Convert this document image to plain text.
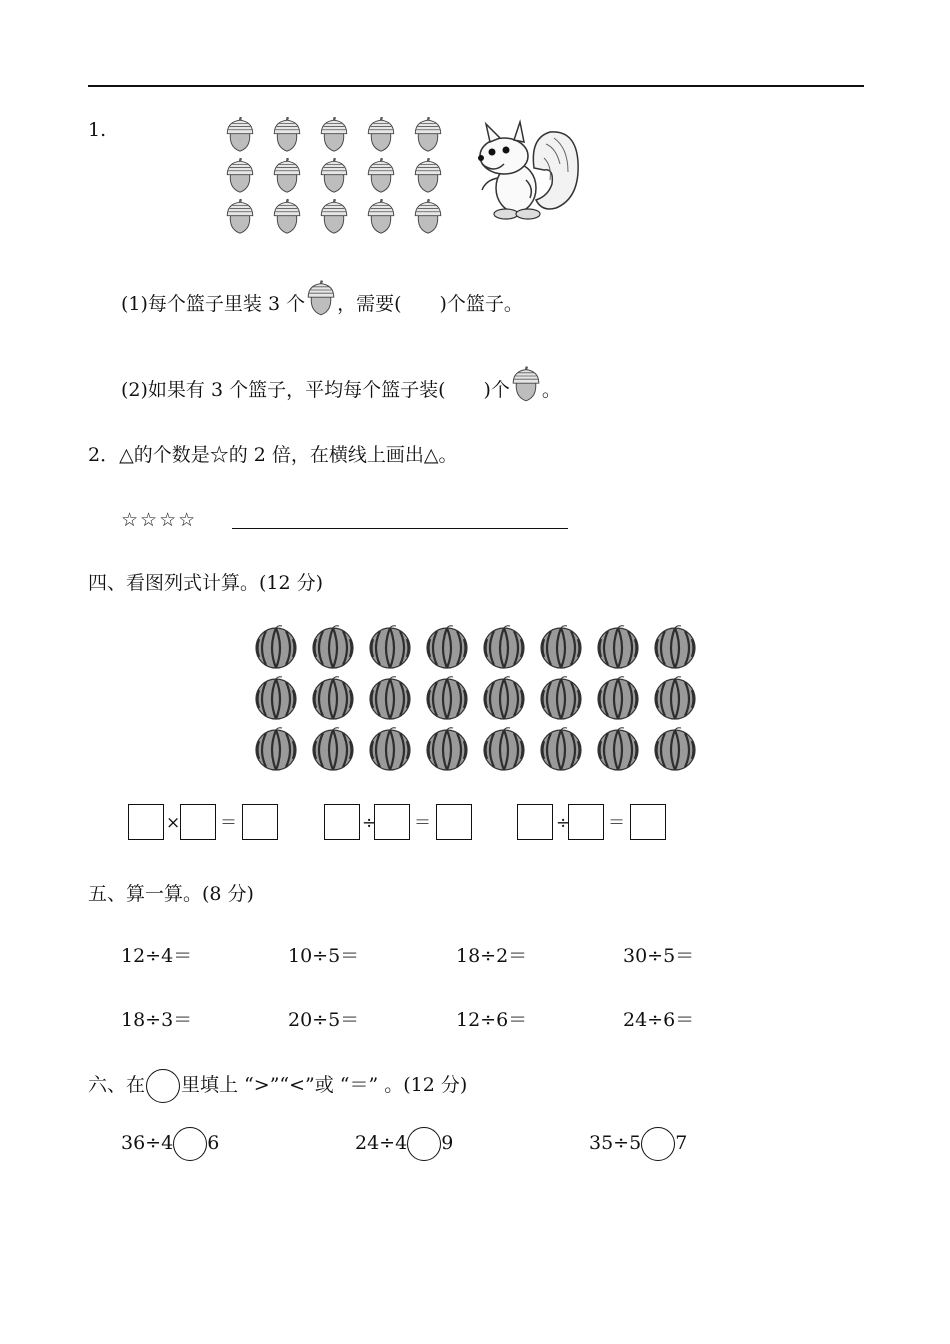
1.
(1)每个篮子里装 3 个 ，需要(　　)个篮子。
(2)如果有 3 个篮子，平均每个篮子装(　　)个 。
2．△的个数是☆的 2 倍，在横线上画出△。
☆☆☆☆
四、看图列式计算。(12 分)
× ＝	÷ ＝	÷ ＝
五、算一算。(8 分)
12÷4＝	10÷5＝	18÷2＝	30÷5＝
18÷3＝	20÷5＝	12÷6＝	24÷6＝
六、在 里填上 “>”“<”或 “＝” 。(12 分)
36÷4 6	24÷4 9	35÷5 7
